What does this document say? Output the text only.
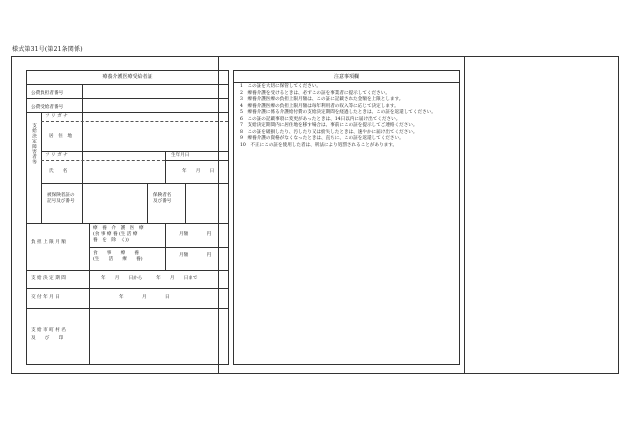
様式第31号(第21条関係)
療養介護医療受給者証
公費負担者番号
公費受給者番号
支給決定障害者等
フ リ ガ ナ
居　住　地
フ リ ガ ナ	生年月日
氏　　名	年　　月　　日
被保険者証の
記号及び番号
保険者名
及び番号
負 担 上 限 月 額
療　養　介　護　医　療
(食 事 療 養 (生 活 療
養　を　除　く))
月額　　　　円
食　　事　　療　　養
(生　　活　　療　　養)
月額　　　　円
支 給 決 定 期 間	年　　月　　日から　　　年　　月　　日まで
交 付 年 月 日	年　　　　月　　　　日
支 給 市 町 村 名
及　　び　　印
注意事項欄
1　この証を大切に保管してください。
2　療養介護を受けるときは、必ずこの証を事業者に提示してください。
3　療養介護医療の負担上限月額は、この証に記載された金額を上限とします。
4　療養介護医療の負担上限月額は毎年利用者の収入等に応じて決定します。
5　療養介護に係る介護給付費の支給決定期間を経過したときは、この証を返還してください。
6　この証の記載事項に変更があったときは、14日以内に届け出てください。
7　支給決定期間内に居住地を移す場合は、事前にこの証を提示してご連絡ください。
8　この証を破損したり、汚したり又は紛失したときは、速やかに届け出てください。
9　療養介護の資格がなくなったときは、直ちに、この証を返還してください。
10　不正にこの証を使用した者は、刑法により処罰されることがあります。
